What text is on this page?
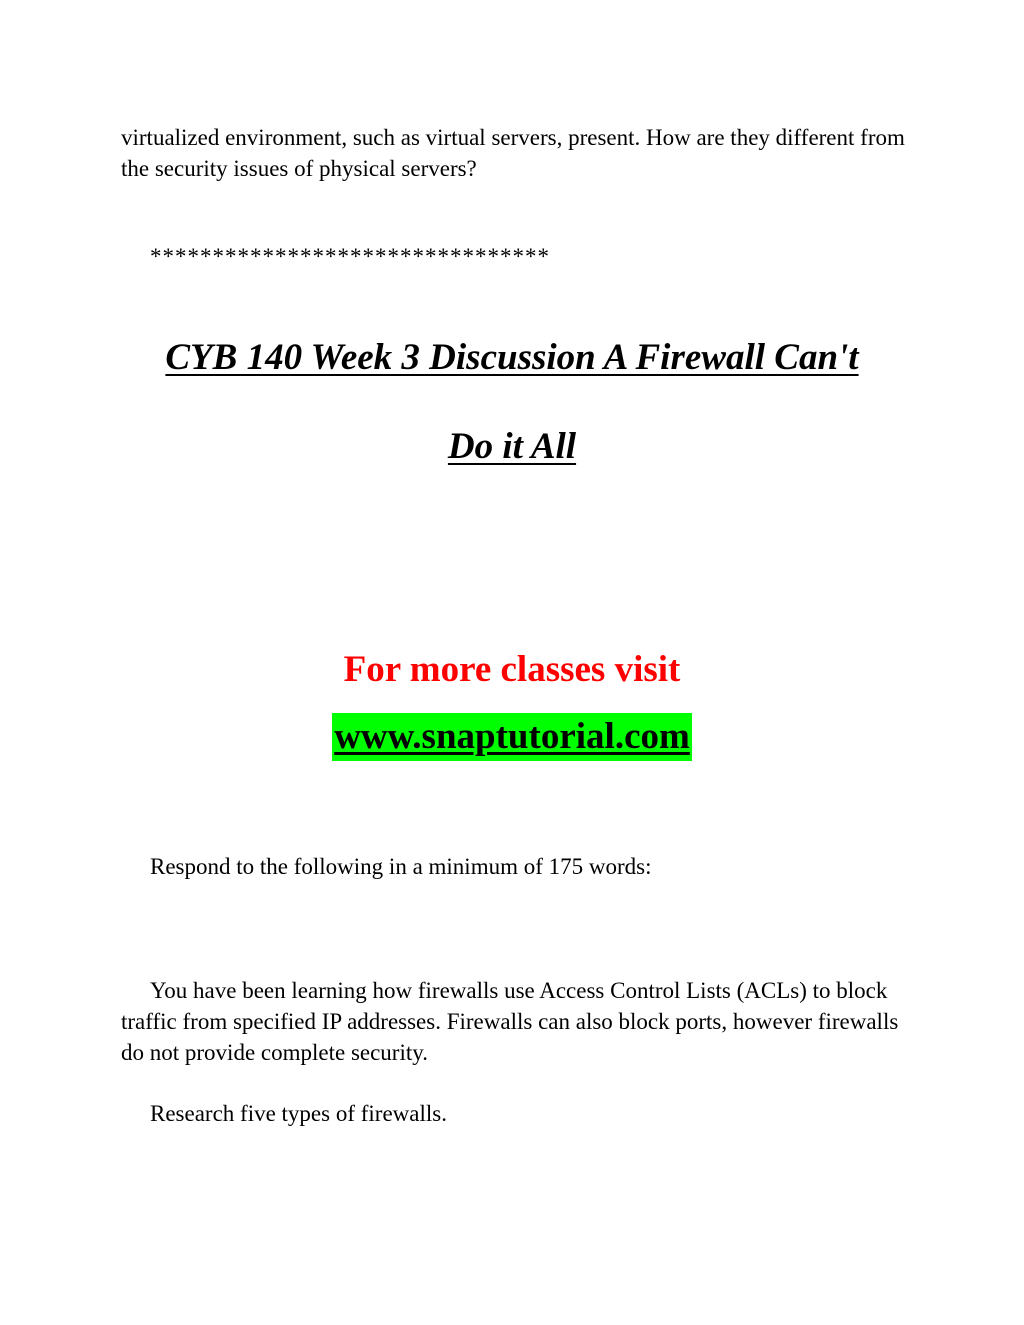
virtualized environment, such as virtual servers, present. How are they different from the security issues of physical servers?

********************************

CYB 140 Week 3 Discussion A Firewall Can't

Do it All

For more classes visit

www.snaptutorial.com

Respond to the following in a minimum of 175 words:

You have been learning how firewalls use Access Control Lists (ACLs) to block traffic from specified IP addresses. Firewalls can also block ports, however firewalls do not provide complete security.

Research five types of firewalls.
